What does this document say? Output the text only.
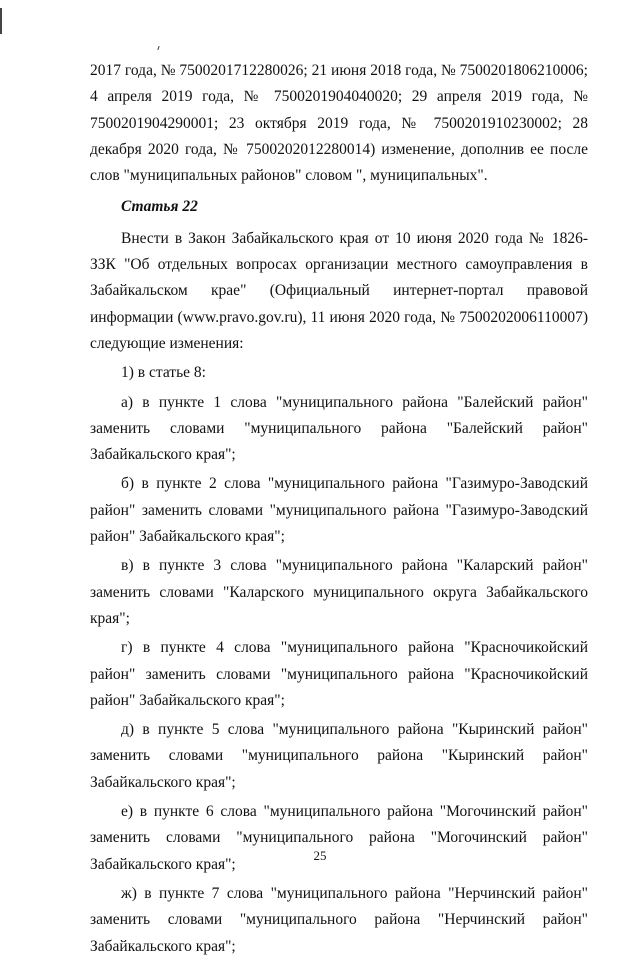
2017 года, № 7500201712280026; 21 июня 2018 года, № 7500201806210006; 4 апреля 2019 года, № 7500201904040020; 29 апреля 2019 года, № 7500201904290001; 23 октября 2019 года, № 7500201910230002; 28 декабря 2020 года, № 7500202012280014) изменение, дополнив ее после слов "муниципальных районов" словом ", муниципальных".

Статья 22

Внести в Закон Забайкальского края от 10 июня 2020 года № 1826-ЗЗК "Об отдельных вопросах организации местного самоуправления в Забайкальском крае" (Официальный интернет-портал правовой информации (www.pravo.gov.ru), 11 июня 2020 года, № 7500202006110007) следующие изменения:

1) в статье 8:

а) в пункте 1 слова "муниципального района "Балейский район" заменить словами "муниципального района "Балейский район" Забайкальского края";

б) в пункте 2 слова "муниципального района "Газимуро-Заводский район" заменить словами "муниципального района "Газимуро-Заводский район" Забайкальского края";

в) в пункте 3 слова "муниципального района "Каларский район" заменить словами "Каларского муниципального округа Забайкальского края";

г) в пункте 4 слова "муниципального района "Красночикойский район" заменить словами "муниципального района "Красночикойский район" Забайкальского края";

д) в пункте 5 слова "муниципального района "Кыринский район" заменить словами "муниципального района "Кыринский район" Забайкальского края";

е) в пункте 6 слова "муниципального района "Могочинский район" заменить словами "муниципального района "Могочинский район" Забайкальского края";

ж) в пункте 7 слова "муниципального района "Нерчинский район" заменить словами "муниципального района "Нерчинский район" Забайкальского края";

25
